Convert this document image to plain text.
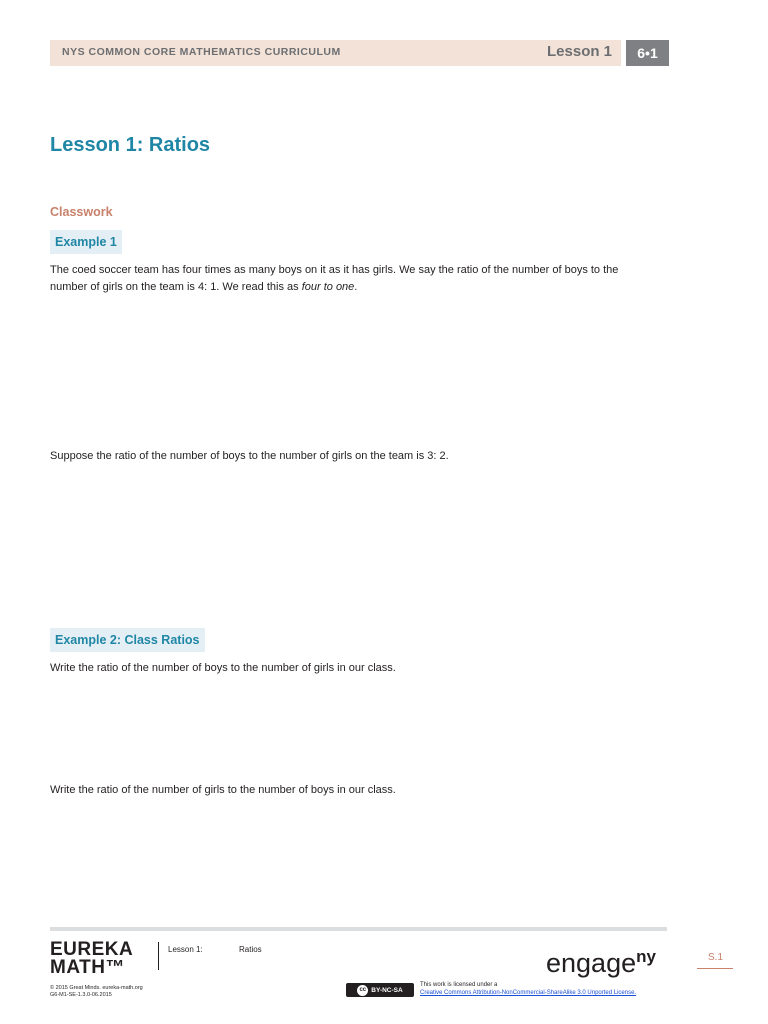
NYS COMMON CORE MATHEMATICS CURRICULUM	Lesson 1	6•1
Lesson 1: Ratios
Classwork
Example 1

The coed soccer team has four times as many boys on it as it has girls. We say the ratio of the number of boys to the
number of girls on the team is 4: 1. We read this as four to one.

Suppose the ratio of the number of boys to the number of girls on the team is 3: 2.

Example 2: Class Ratios

Write the ratio of the number of boys to the number of girls in our class.

Write the ratio of the number of girls to the number of boys in our class.

EUREKA
MATH™
Lesson 1:	Ratios	engage$^{ny}$	S.1
© 2015 Great Minds. eureka-math.org
G6-M1-SE-1.3.0-06.2015
cc BY-NC-SA
This work is licensed under a
Creative Commons Attribution-NonCommercial-ShareAlike 3.0 Unported License.
